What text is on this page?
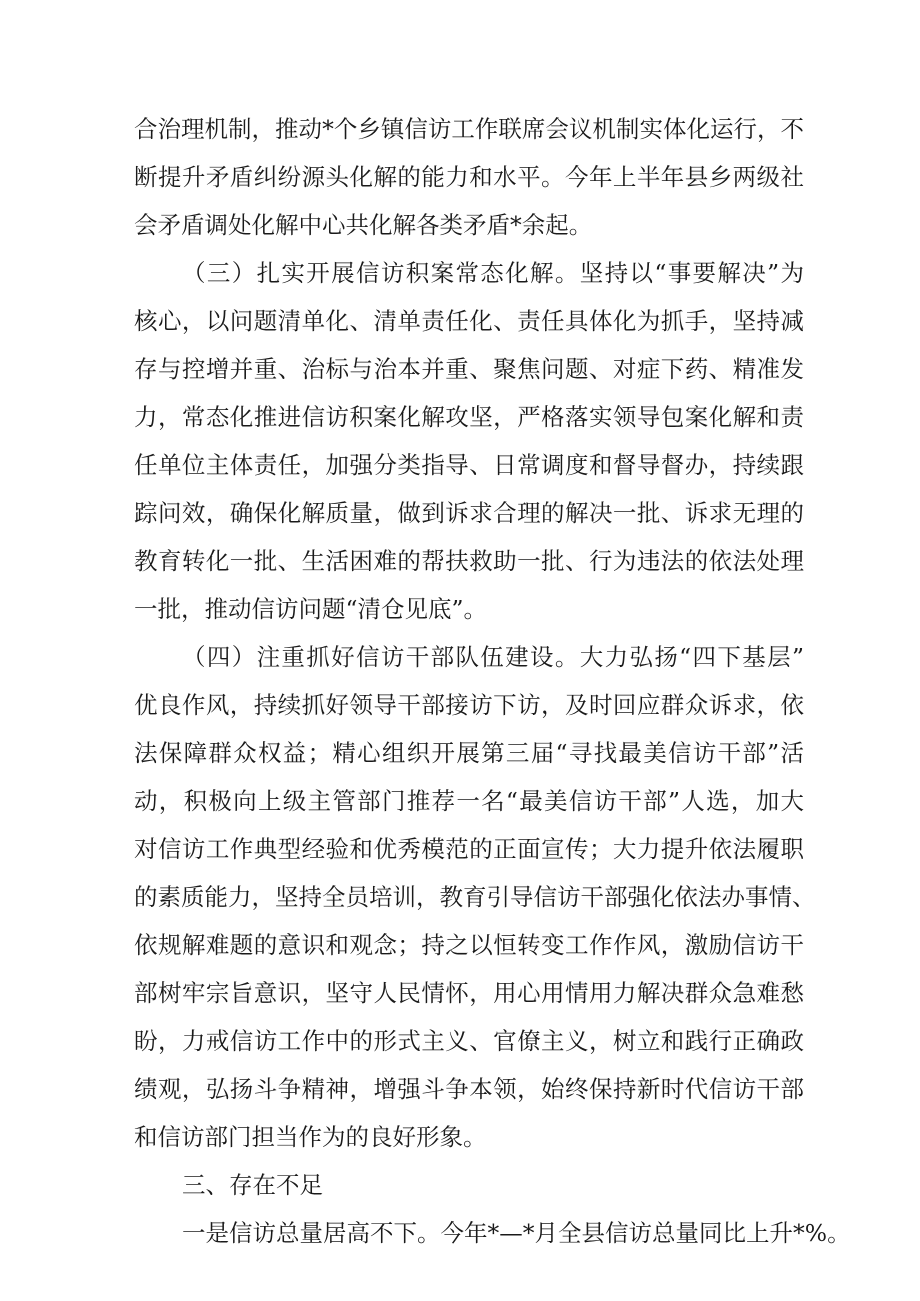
合治理机制，推动*个乡镇信访工作联席会议机制实体化运行，不
断提升矛盾纠纷源头化解的能力和水平。今年上半年县乡两级社
会矛盾调处化解中心共化解各类矛盾*余起。
（三）扎实开展信访积案常态化解。坚持以“事要解决”为
核心，以问题清单化、清单责任化、责任具体化为抓手，坚持减
存与控增并重、治标与治本并重、聚焦问题、对症下药、精准发
力，常态化推进信访积案化解攻坚，严格落实领导包案化解和责
任单位主体责任，加强分类指导、日常调度和督导督办，持续跟
踪问效，确保化解质量，做到诉求合理的解决一批、诉求无理的
教育转化一批、生活困难的帮扶救助一批、行为违法的依法处理
一批，推动信访问题“清仓见底”。
（四）注重抓好信访干部队伍建设。大力弘扬“四下基层”
优良作风，持续抓好领导干部接访下访，及时回应群众诉求，依
法保障群众权益；精心组织开展第三届“寻找最美信访干部”活
动，积极向上级主管部门推荐一名“最美信访干部”人选，加大
对信访工作典型经验和优秀模范的正面宣传；大力提升依法履职
的素质能力，坚持全员培训，教育引导信访干部强化依法办事情、
依规解难题的意识和观念；持之以恒转变工作作风，激励信访干
部树牢宗旨意识，坚守人民情怀，用心用情用力解决群众急难愁
盼，力戒信访工作中的形式主义、官僚主义，树立和践行正确政
绩观，弘扬斗争精神，增强斗争本领，始终保持新时代信访干部
和信访部门担当作为的良好形象。
三、存在不足
一是信访总量居高不下。今年*—*月全县信访总量同比上升*%。
